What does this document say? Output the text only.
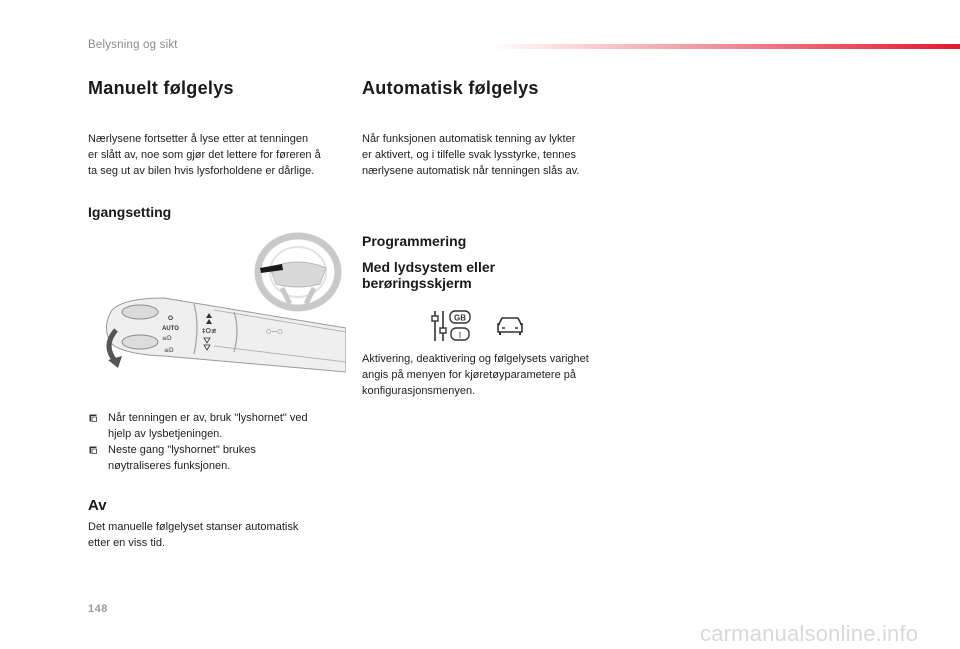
Belysning og sikt
Manuelt følgelys
Nærlysene fortsetter å lyse etter at tenningen
er slått av, noe som gjør det lettere for føreren å
ta seg ut av bilen hvis lysforholdene er dårlige.
Igangsetting
O
AUTO
≡D
≡D
‡O≢	○—○
Når tenningen er av, bruk "lyshornet" ved
hjelp av lysbetjeningen.
Neste gang "lyshornet" brukes
nøytraliseres funksjonen.
Av
Det manuelle følgelyset stanser automatisk
etter en viss tid.
Automatisk følgelys
Når funksjonen automatisk tenning av lykter
er aktivert, og i tilfelle svak lysstyrke, tennes
nærlysene automatisk når tenningen slås av.
Programmering
Med lydsystem eller
berøringsskjerm
GB
I
Aktivering, deaktivering og følgelysets varighet
angis på menyen for kjøretøyparametere på
konfigurasjonsmenyen.
148
carmanualsonline.info
